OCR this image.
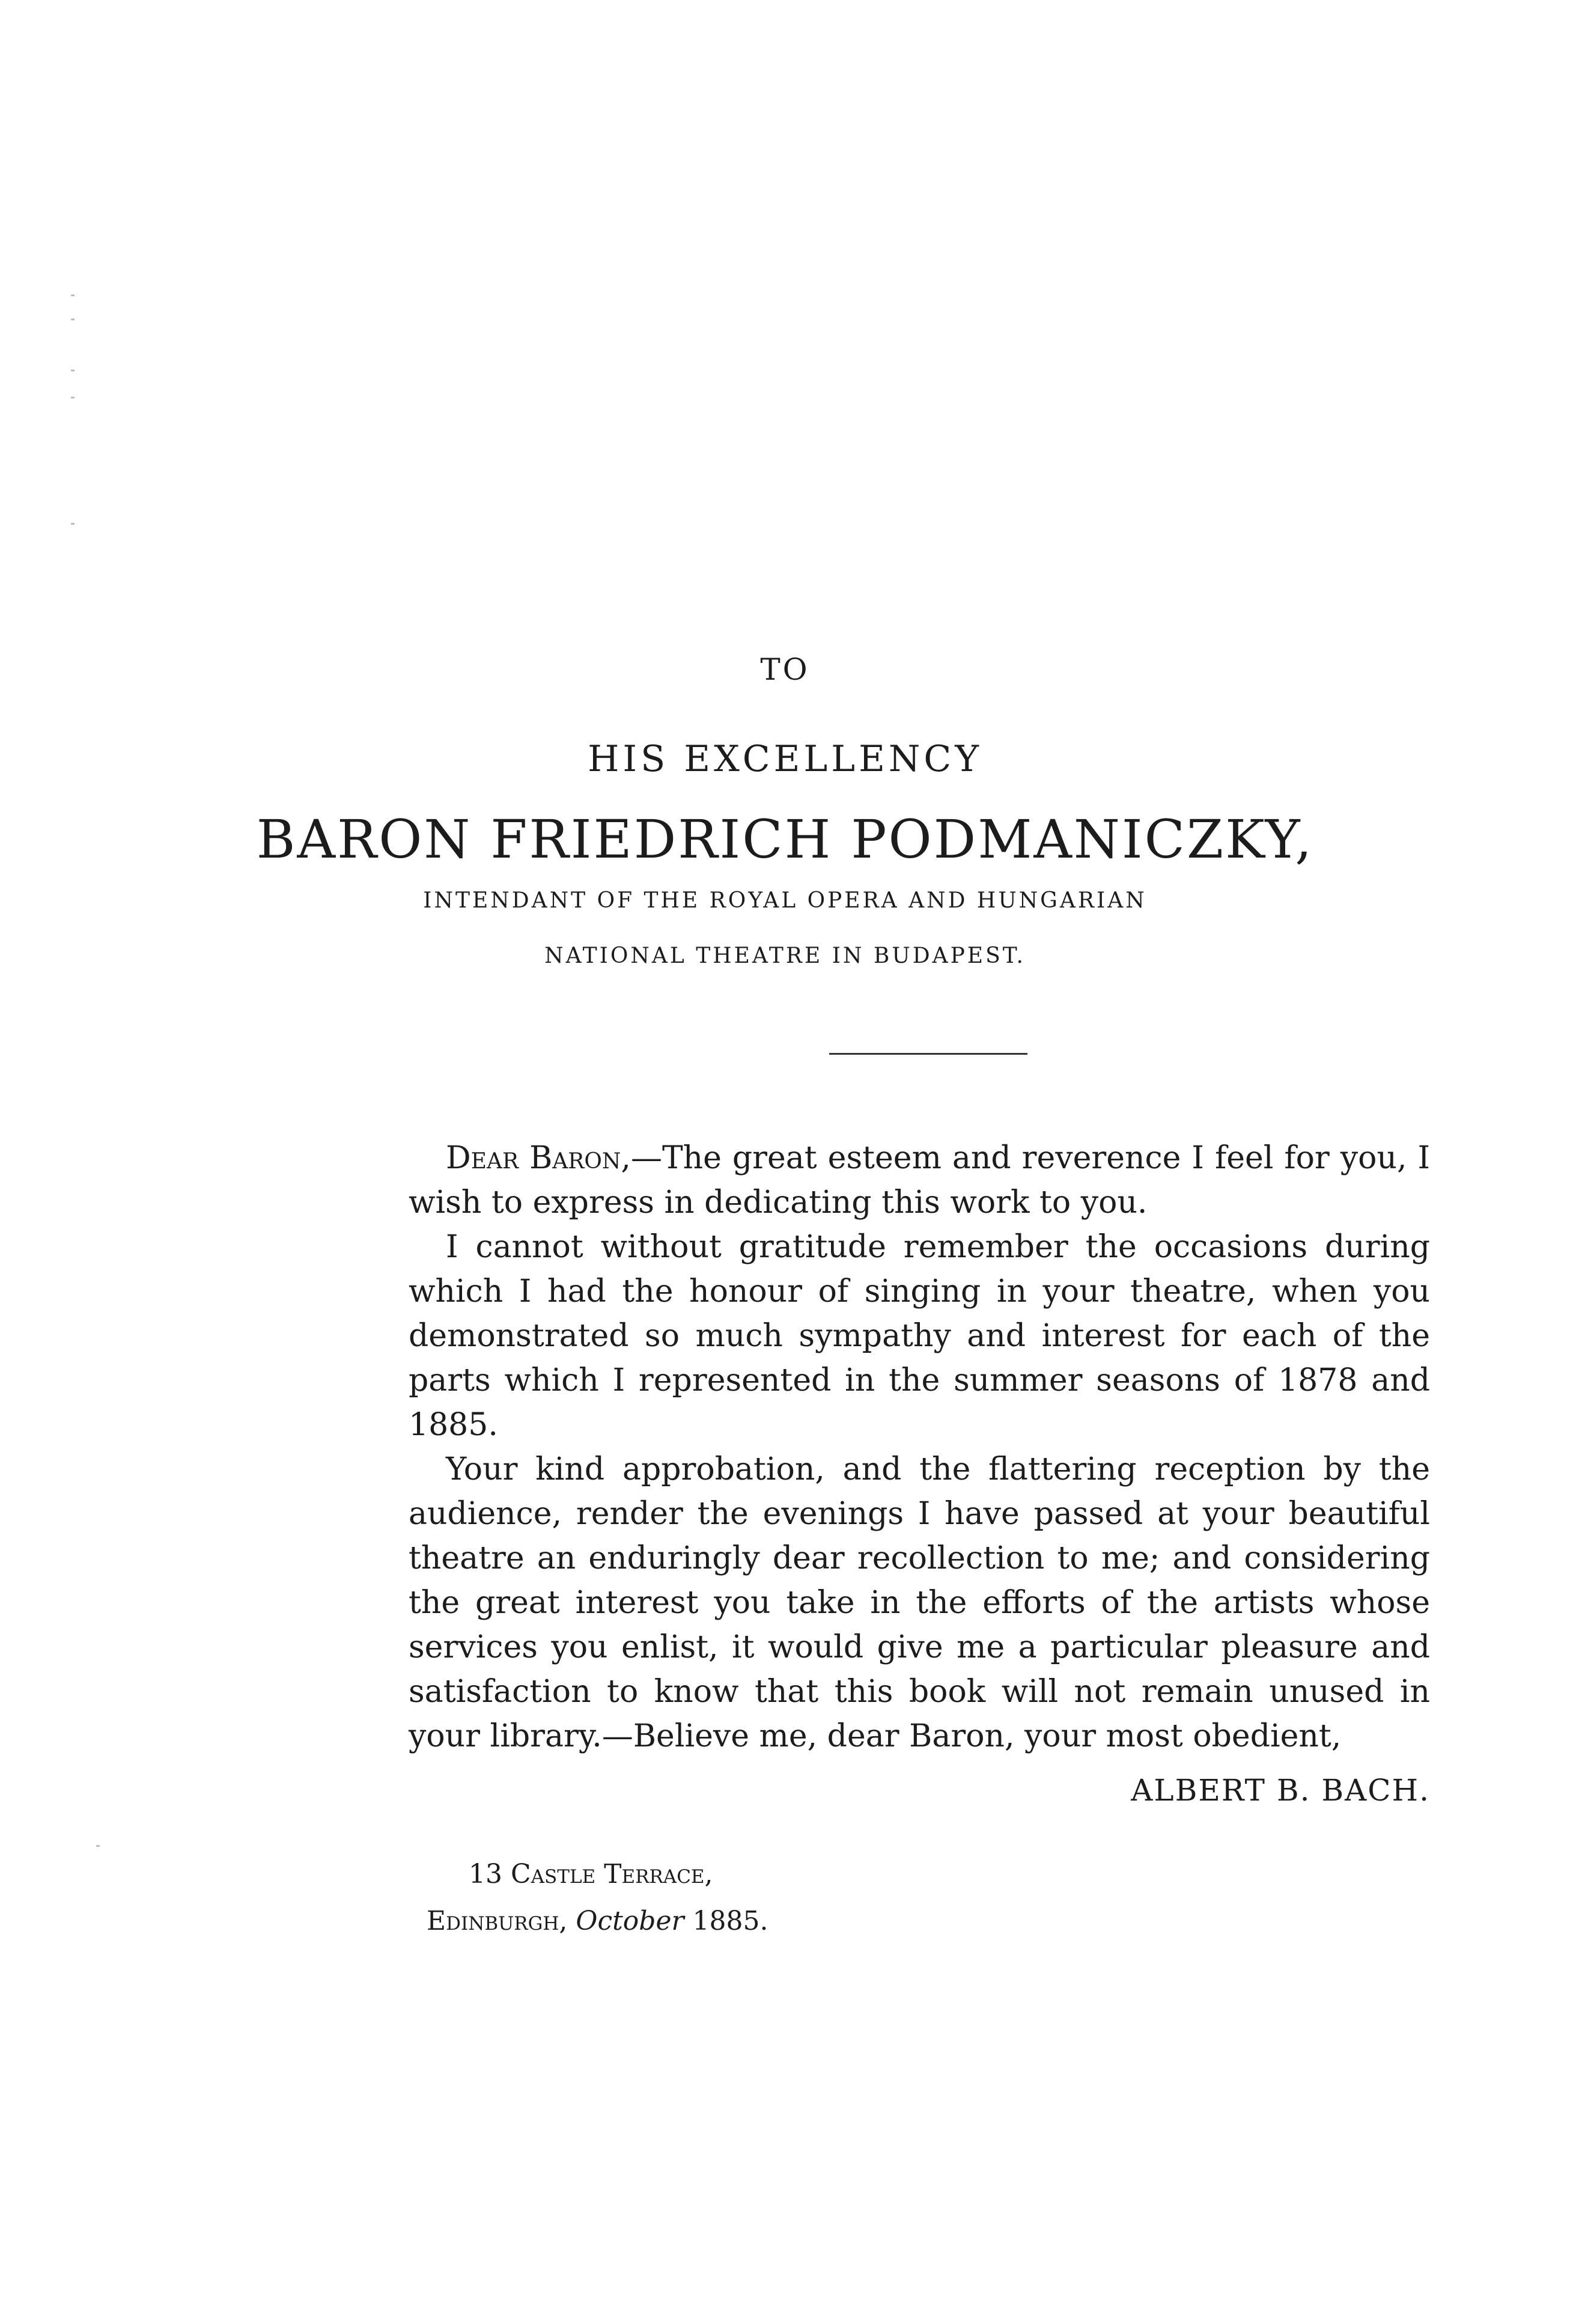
TO
HIS EXCELLENCY
BARON FRIEDRICH PODMANICZKY,
INTENDANT OF THE ROYAL OPERA AND HUNGARIAN
NATIONAL THEATRE IN BUDAPEST.

Dear Baron,—The great esteem and reverence I feel for you, I wish to express in dedicating this work to you.

I cannot without gratitude remember the occasions during which I had the honour of singing in your theatre, when you demonstrated so much sympathy and interest for each of the parts which I represented in the summer seasons of 1878 and 1885.

Your kind approbation, and the flattering reception by the audience, render the evenings I have passed at your beautiful theatre an enduringly dear recollection to me; and considering the great interest you take in the efforts of the artists whose services you enlist, it would give me a particular pleasure and satisfaction to know that this book will not remain unused in your library.—Believe me, dear Baron, your most obedient,

ALBERT B. BACH.
13 Castle Terrace,
Edinburgh, October 1885.
